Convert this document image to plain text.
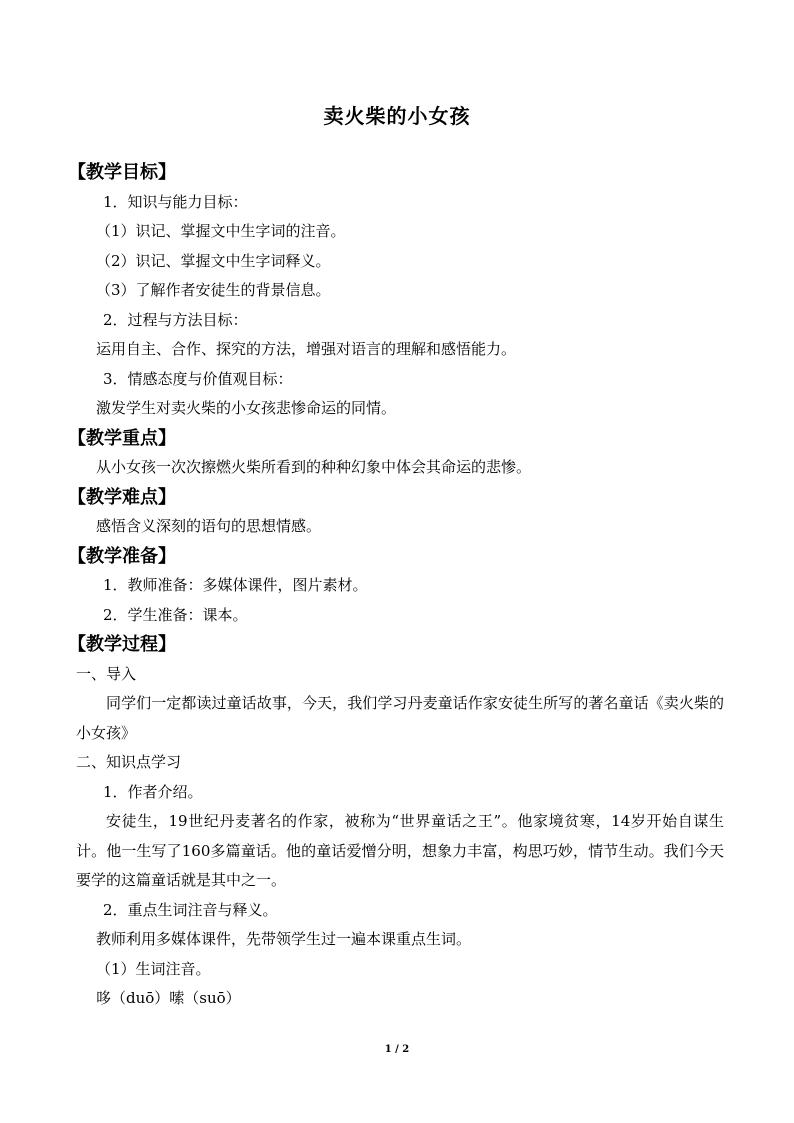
卖火柴的小女孩

【教学目标】

1．知识与能力目标：

（1）识记、掌握文中生字词的注音。

（2）识记、掌握文中生字词释义。

（3）了解作者安徒生的背景信息。

2．过程与方法目标：

运用自主、合作、探究的方法，增强对语言的理解和感悟能力。

3．情感态度与价值观目标：

激发学生对卖火柴的小女孩悲惨命运的同情。

【教学重点】

从小女孩一次次擦燃火柴所看到的种种幻象中体会其命运的悲惨。

【教学难点】

感悟含义深刻的语句的思想情感。

【教学准备】

1．教师准备：多媒体课件，图片素材。

2．学生准备：课本。

【教学过程】

一、导入

同学们一定都读过童话故事，今天，我们学习丹麦童话作家安徒生所写的著名童话《卖火柴的小女孩》

二、知识点学习

1．作者介绍。

安徒生，19世纪丹麦著名的作家，被称为“世界童话之王”。他家境贫寒，14岁开始自谋生计。他一生写了160多篇童话。他的童话爱憎分明，想象力丰富，构思巧妙，情节生动。我们今天要学的这篇童话就是其中之一。

2．重点生词注音与释义。

教师利用多媒体课件，先带领学生过一遍本课重点生词。

（1）生词注音。

哆（duō）嗦（suō）

1 / 2
